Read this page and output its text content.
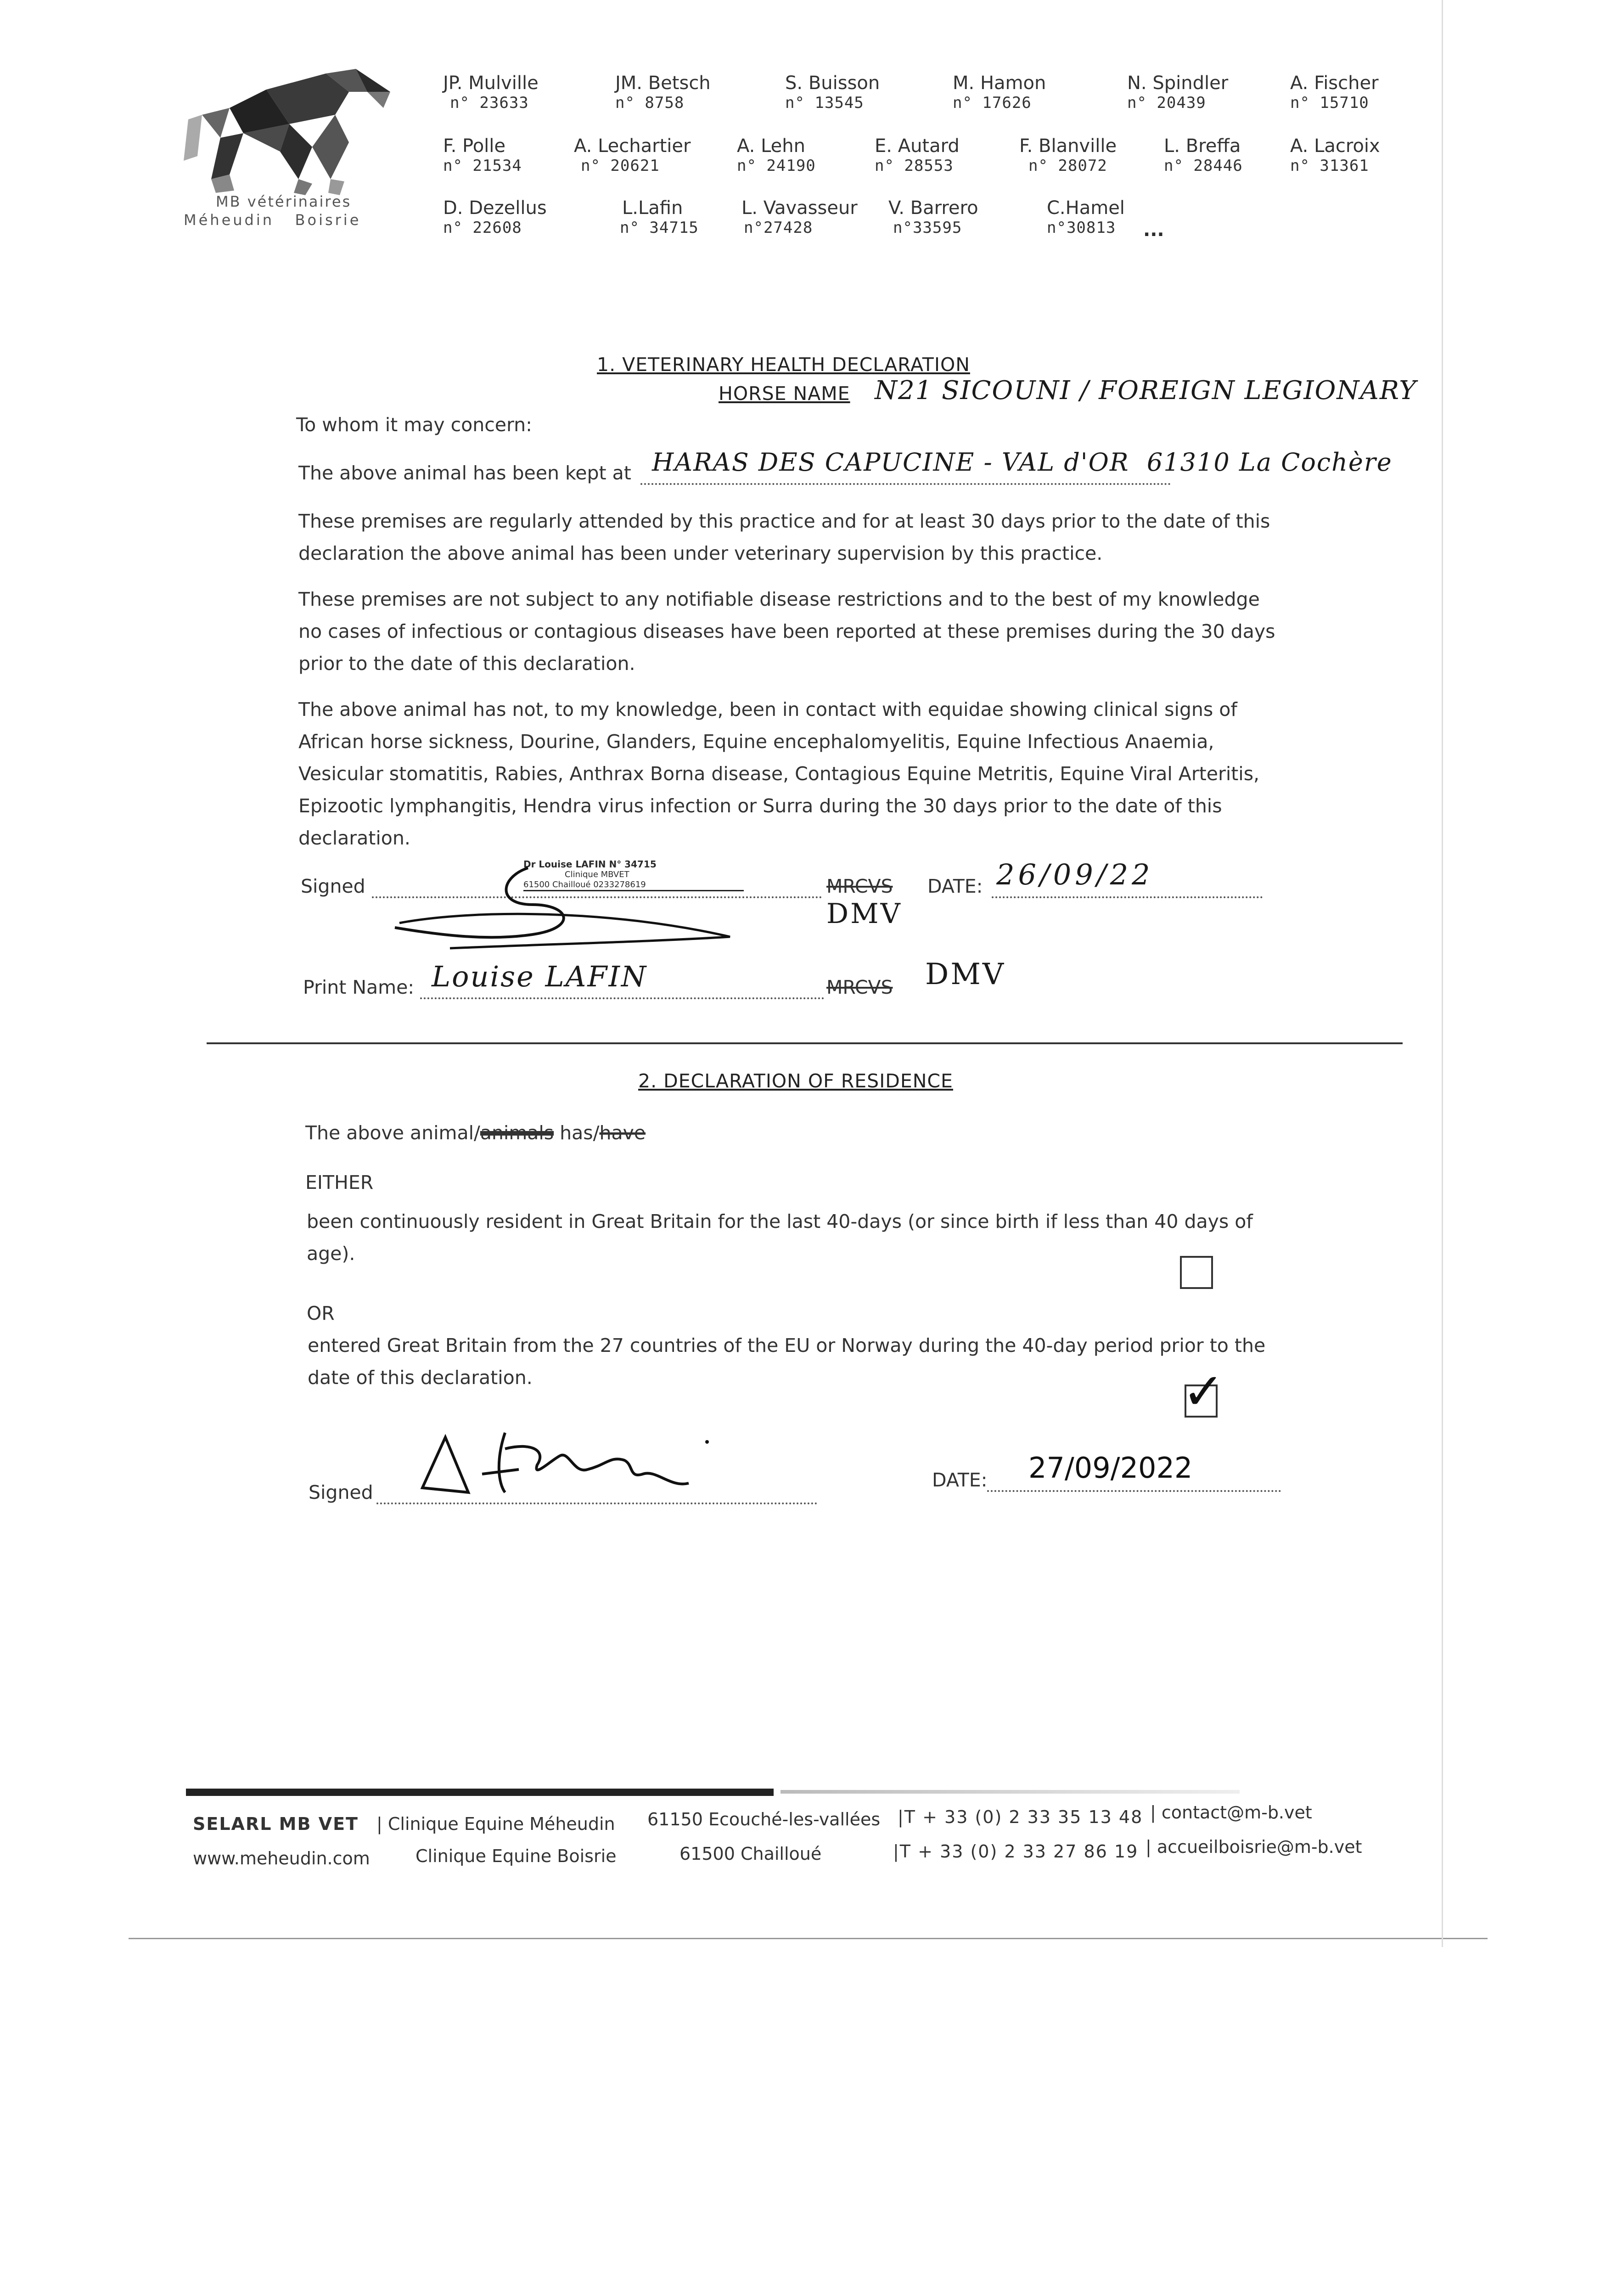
MB vétérinaires
Méheudin   Boisrie
JP. Mulville
n° 23633
JM. Betsch
n° 8758
S. Buisson
n° 13545
M. Hamon
n° 17626
N. Spindler
n° 20439
A. Fischer
n° 15710
F. Polle
n° 21534
A. Lechartier
n° 20621
A. Lehn
n° 24190
E. Autard
n° 28553
F. Blanville
n° 28072
L. Breffa
n° 28446
A. Lacroix
n° 31361
D. Dezellus
n° 22608
L.Lafin
n° 34715
L. Vavasseur
n°27428
V. Barrero
n°33595
C.Hamel
n°30813	...
1. VETERINARY HEALTH DECLARATION
HORSE NAME N21 SICOUNI / FOREIGN LEGIONARY
To whom it may concern:
The above animal has been kept at HARAS DES CAPUCINE - VAL d'OR  61310 La Cochère
These premises are regularly attended by this practice and for at least 30 days prior to the date of this declaration the above animal has been under veterinary supervision by this practice.
These premises are not subject to any notifiable disease restrictions and to the best of my knowledge no cases of infectious or contagious diseases have been reported at these premises during the 30 days prior to the date of this declaration.
The above animal has not, to my knowledge, been in contact with equidae showing clinical signs of African horse sickness, Dourine, Glanders, Equine encephalomyelitis, Equine Infectious Anaemia, Vesicular stomatitis, Rabies, Anthrax Borna disease, Contagious Equine Metritis, Equine Viral Arteritis, Epizootic lymphangitis, Hendra virus infection or Surra during the 30 days prior to the date of this declaration.
Signed
Dr Louise LAFIN N° 34715
Clinique MBVET
61500 Chailloué 0233278619	MRCVS DATE: 26/09/22
DMV
Print Name: Louise LAFIN	MRCVS DMV
2. DECLARATION OF RESIDENCE
The above animal/animals has/have
EITHER
been continuously resident in Great Britain for the last 40-days (or since birth if less than 40 days of age).
OR
entered Great Britain from the 27 countries of the EU or Norway during the 40-day period prior to the date of this declaration.	✓
Signed
DATE: 27/09/2022
SELARL MB VET | Clinique Equine Méheudin 61150 Ecouché-les-vallées |T + 33 (0) 2 33 35 13 48 | contact@m-b.vet
www.meheudin.com	Clinique Equine Boisrie	61500 Chailloué	|T + 33 (0) 2 33 27 86 19 | accueilboisrie@m-b.vet
